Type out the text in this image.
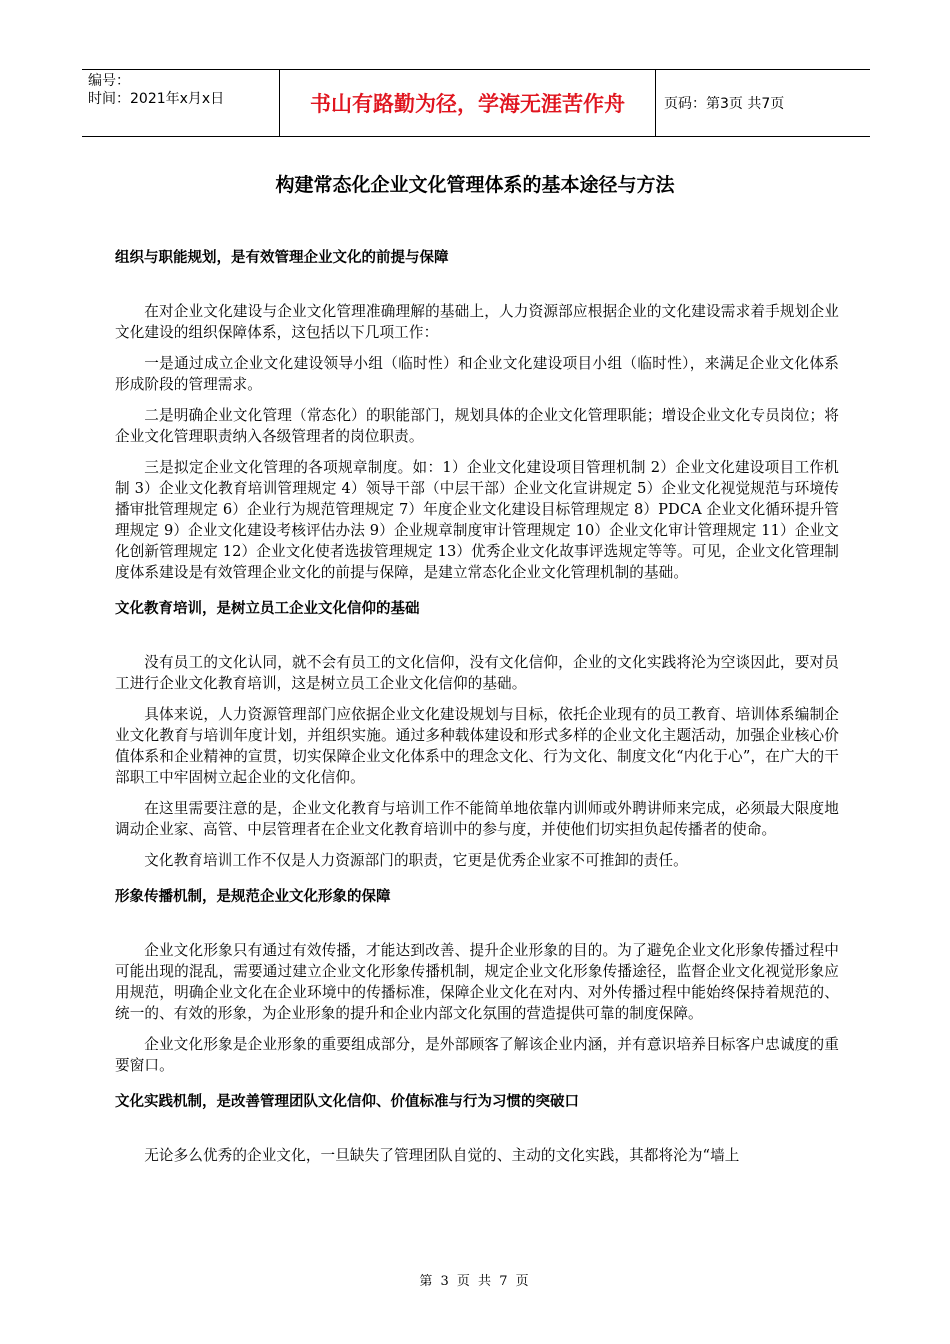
编号：
时间：2021年x月x日	书山有路勤为径，学海无涯苦作舟	页码：第3页 共7页
构建常态化企业文化管理体系的基本途径与方法

组织与职能规划，是有效管理企业文化的前提与保障

在对企业文化建设与企业文化管理准确理解的基础上，人力资源部应根据企业的文化建设需求着手规划企业文化建设的组织保障体系，这包括以下几项工作：

一是通过成立企业文化建设领导小组（临时性）和企业文化建设项目小组（临时性），来满足企业文化体系形成阶段的管理需求。

二是明确企业文化管理（常态化）的职能部门，规划具体的企业文化管理职能；增设企业文化专员岗位；将企业文化管理职责纳入各级管理者的岗位职责。

三是拟定企业文化管理的各项规章制度。如：1）企业文化建设项目管理机制 2）企业文化建设项目工作机制 3）企业文化教育培训管理规定 4）领导干部（中层干部）企业文化宣讲规定 5）企业文化视觉规范与环境传播审批管理规定 6）企业行为规范管理规定 7）年度企业文化建设目标管理规定 8）PDCA 企业文化循环提升管理规定 9）企业文化建设考核评估办法 9）企业规章制度审计管理规定 10）企业文化审计管理规定 11）企业文化创新管理规定 12）企业文化使者选拔管理规定 13）优秀企业文化故事评选规定等等。可见，企业文化管理制度体系建设是有效管理企业文化的前提与保障，是建立常态化企业文化管理机制的基础。

文化教育培训，是树立员工企业文化信仰的基础

没有员工的文化认同，就不会有员工的文化信仰，没有文化信仰，企业的文化实践将沦为空谈因此，要对员工进行企业文化教育培训，这是树立员工企业文化信仰的基础。

具体来说，人力资源管理部门应依据企业文化建设规划与目标，依托企业现有的员工教育、培训体系编制企业文化教育与培训年度计划，并组织实施。通过多种载体建设和形式多样的企业文化主题活动，加强企业核心价值体系和企业精神的宣贯，切实保障企业文化体系中的理念文化、行为文化、制度文化“内化于心”，在广大的干部职工中牢固树立起企业的文化信仰。

在这里需要注意的是，企业文化教育与培训工作不能简单地依靠内训师或外聘讲师来完成，必须最大限度地调动企业家、高管、中层管理者在企业文化教育培训中的参与度，并使他们切实担负起传播者的使命。

文化教育培训工作不仅是人力资源部门的职责，它更是优秀企业家不可推卸的责任。

形象传播机制，是规范企业文化形象的保障

企业文化形象只有通过有效传播，才能达到改善、提升企业形象的目的。为了避免企业文化形象传播过程中可能出现的混乱，需要通过建立企业文化形象传播机制，规定企业文化形象传播途径，监督企业文化视觉形象应用规范，明确企业文化在企业环境中的传播标准，保障企业文化在对内、对外传播过程中能始终保持着规范的、统一的、有效的形象，为企业形象的提升和企业内部文化氛围的营造提供可靠的制度保障。

企业文化形象是企业形象的重要组成部分，是外部顾客了解该企业内涵，并有意识培养目标客户忠诚度的重要窗口。

文化实践机制，是改善管理团队文化信仰、价值标准与行为习惯的突破口

无论多么优秀的企业文化，一旦缺失了管理团队自觉的、主动的文化实践，其都将沦为“墙上

第 3 页 共 7 页
